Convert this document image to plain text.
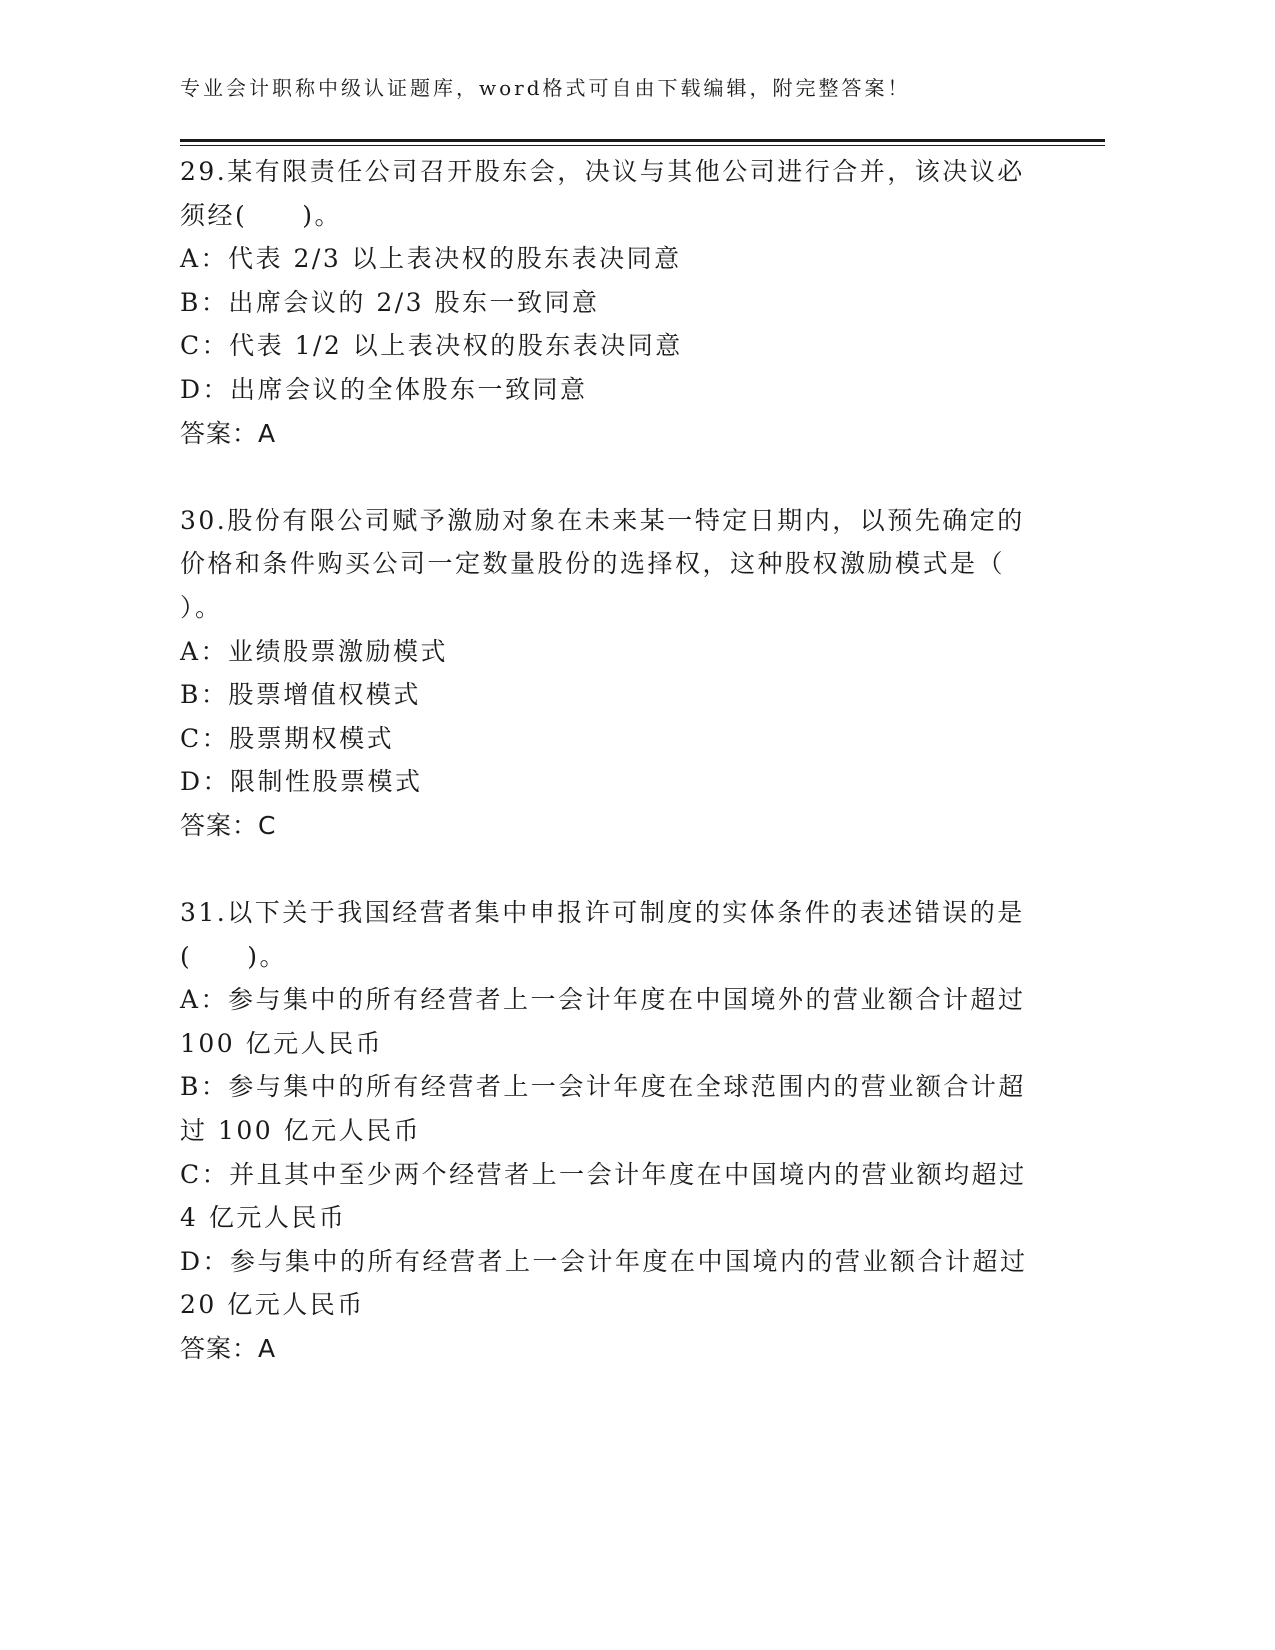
专业会计职称中级认证题库，word格式可自由下载编辑，附完整答案！

29.某有限责任公司召开股东会，决议与其他公司进行合并，该决议必

须经(　　)。

A：代表 2/3 以上表决权的股东表决同意

B：出席会议的 2/3 股东一致同意

C：代表 1/2 以上表决权的股东表决同意

D：出席会议的全体股东一致同意

答案：A

30.股份有限公司赋予激励对象在未来某一特定日期内，以预先确定的

价格和条件购买公司一定数量股份的选择权，这种股权激励模式是（

）。

A：业绩股票激励模式

B：股票增值权模式

C：股票期权模式

D：限制性股票模式

答案：C

31.以下关于我国经营者集中申报许可制度的实体条件的表述错误的是

(　　)。

A：参与集中的所有经营者上一会计年度在中国境外的营业额合计超过

100 亿元人民币

B：参与集中的所有经营者上一会计年度在全球范围内的营业额合计超

过 100 亿元人民币

C：并且其中至少两个经营者上一会计年度在中国境内的营业额均超过

4 亿元人民币

D：参与集中的所有经营者上一会计年度在中国境内的营业额合计超过

20 亿元人民币

答案：A
